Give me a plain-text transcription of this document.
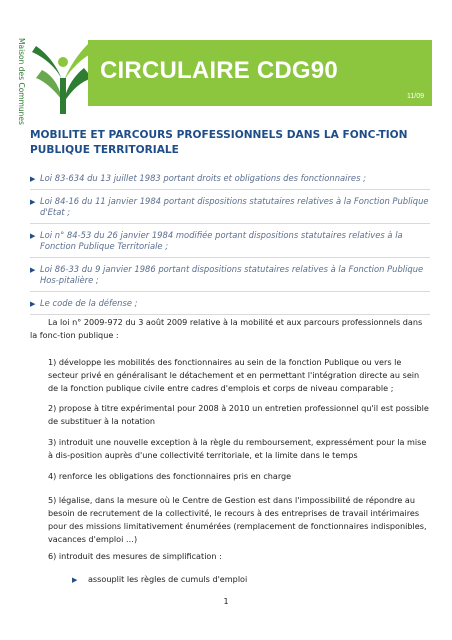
Maison des Communes	CIRCULAIRE CDG90
11/09
MOBILITE ET PARCOURS PROFESSIONNELS DANS LA FONC-TION PUBLIQUE TERRITORIALE
▶ Loi 83-634 du 13 juillet 1983 portant droits et obligations des fonctionnaires ;
▶ Loi 84-16 du 11 janvier 1984 portant dispositions statutaires relatives à la Fonction Publique d'Etat ;
▶ Loi n° 84-53 du 26 janvier 1984 modifiée portant dispositions statutaires relatives à la Fonction Publique Territoriale ;
▶ Loi 86-33 du 9 janvier 1986 portant dispositions statutaires relatives à la Fonction Publique Hos-pitalière ;
▶ Le code de la défense ;

La loi n° 2009-972 du 3 août 2009 relative à la mobilité et aux parcours professionnels dans la fonc-tion publique :

1) développe les mobilités des fonctionnaires au sein de la fonction Publique ou vers le secteur privé en généralisant le détachement et en permettant l'intégration directe au sein de la fonction publique civile entre cadres d'emplois et corps de niveau comparable ;

2) propose à titre expérimental pour 2008 à 2010 un entretien professionnel qu'il est possible de substituer à la notation

3) introduit une nouvelle exception à la règle du remboursement, expressément pour la mise à dis-position auprès d'une collectivité territoriale, et la limite dans le temps

4) renforce les obligations des fonctionnaires pris en charge

5) légalise, dans la mesure où le Centre de Gestion est dans l'impossibilité de répondre au besoin de recrutement de la collectivité, le recours à des entreprises de travail intérimaires pour des missions limitativement énumérées (remplacement de fonctionnaires indisponibles, vacances d'emploi …)

6) introduit des mesures de simplification :

▶ assouplit les règles de cumuls d'emploi
1
